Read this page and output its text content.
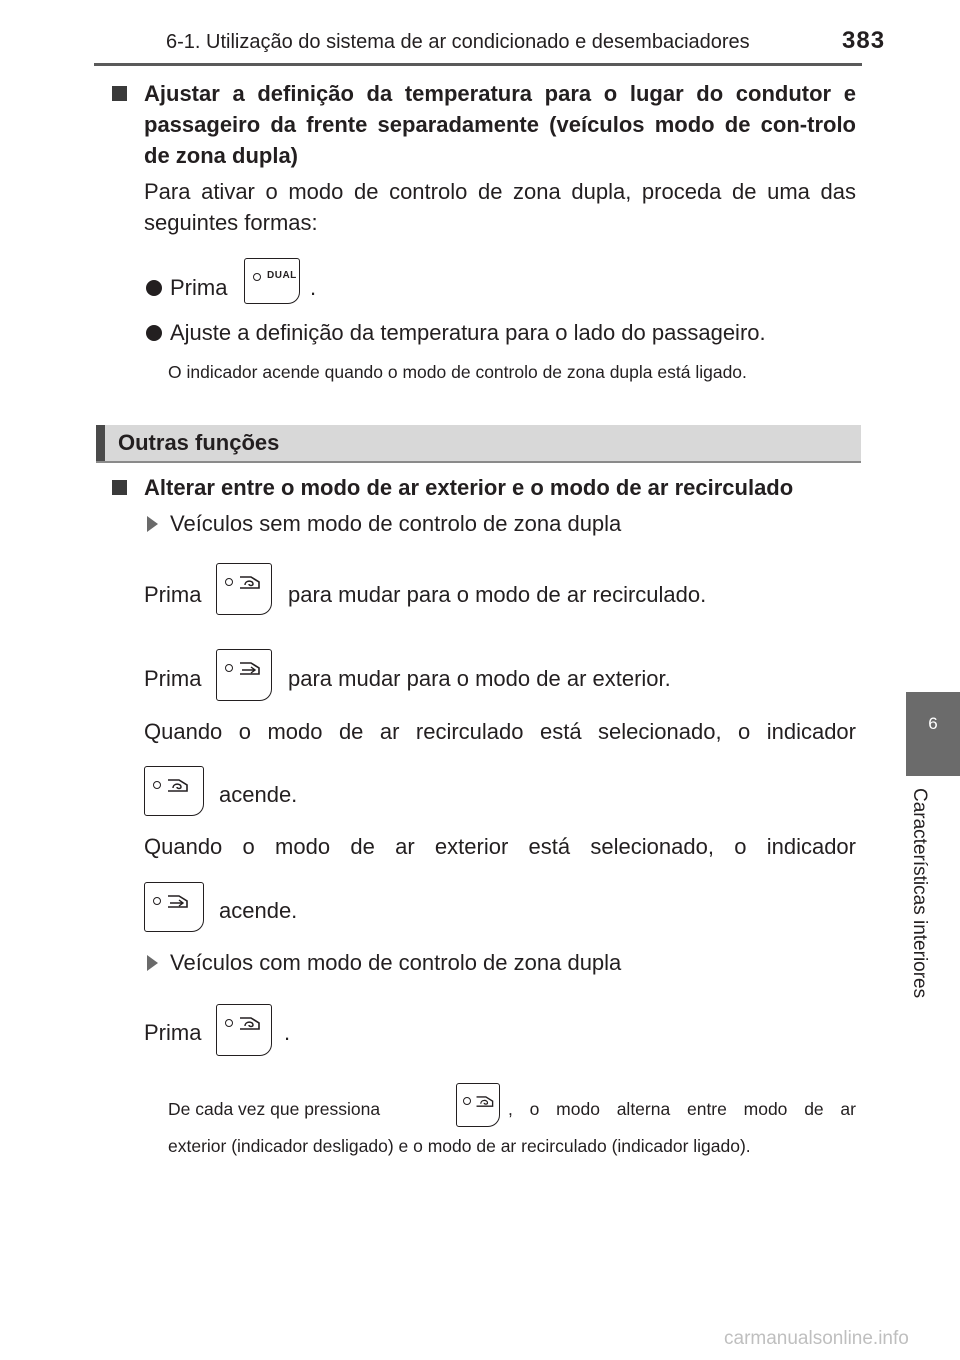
6-1. Utilização do sistema de ar condicionado e desembaciadores	383
6
Características interiores
Ajustar a definição da temperatura para o lugar do condutor e passageiro da frente separadamente (veículos modo de con-trolo de zona dupla)
Para ativar o modo de controlo de zona dupla, proceda de uma das seguintes formas:
Prima	DUAL .
Ajuste a definição da temperatura para o lado do passageiro.
O indicador acende quando o modo de controlo de zona dupla está ligado.
Outras funções
Alterar entre o modo de ar exterior e o modo de ar recirculado
Veículos sem modo de controlo de zona dupla
Prima	para mudar para o modo de ar recirculado.
Prima	para mudar para o modo de ar exterior.
Quando o modo de ar recirculado está selecionado, o indicador
acende.
Quando o modo de ar exterior está selecionado, o indicador
acende.
Veículos com modo de controlo de zona dupla
Prima	.
De cada vez que pressiona	, o modo alterna entre modo de ar
exterior (indicador desligado) e o modo de ar recirculado (indicador ligado).
carmanualsonline.info
